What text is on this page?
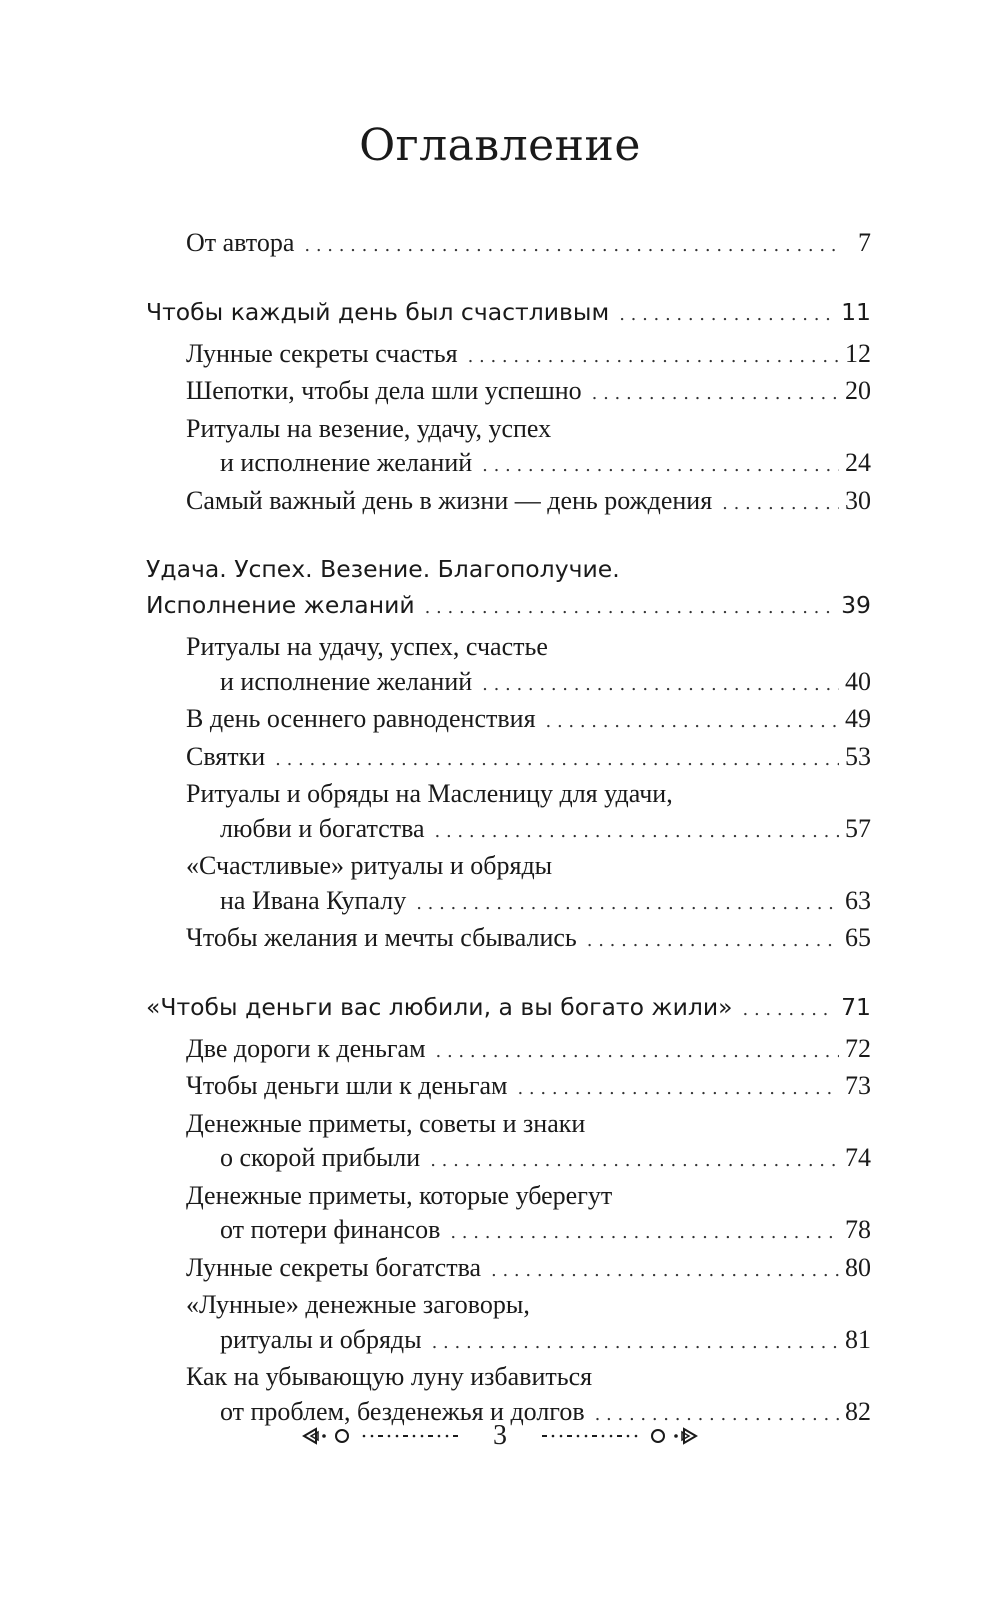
Оглавление
От автора . . .	7
Чтобы каждый день был счастливым . . .	11
Лунные секреты счастья . . .	12
Шепотки, чтобы дела шли успешно . . .	20
Ритуалы на везение, удачу, успех
и исполнение желаний . . .	24
Самый важный день в жизни — день рождения . . .	30
Удача. Успех. Везение. Благополучие.
Исполнение желаний . . .	39
Ритуалы на удачу, успех, счастье
и исполнение желаний . . .	40
В день осеннего равноденствия . . .	49
Святки . . .	53
Ритуалы и обряды на Масленицу для удачи,
любви и богатства . . .	57
«Счастливые» ритуалы и обряды
на Ивана Купалу . . .	63
Чтобы желания и мечты сбывались . . .	65
«Чтобы деньги вас любили, а вы богато жили» . . .	71
Две дороги к деньгам . . .	72
Чтобы деньги шли к деньгам . . .	73
Денежные приметы, советы и знаки
о скорой прибыли . . .	74
Денежные приметы, которые уберегут
от потери финансов . . .	78
Лунные секреты богатства . . .	80
«Лунные» денежные заговоры,
ритуалы и обряды . . .	81
Как на убывающую луну избавиться
от проблем, безденежья и долгов . . .	82
3
